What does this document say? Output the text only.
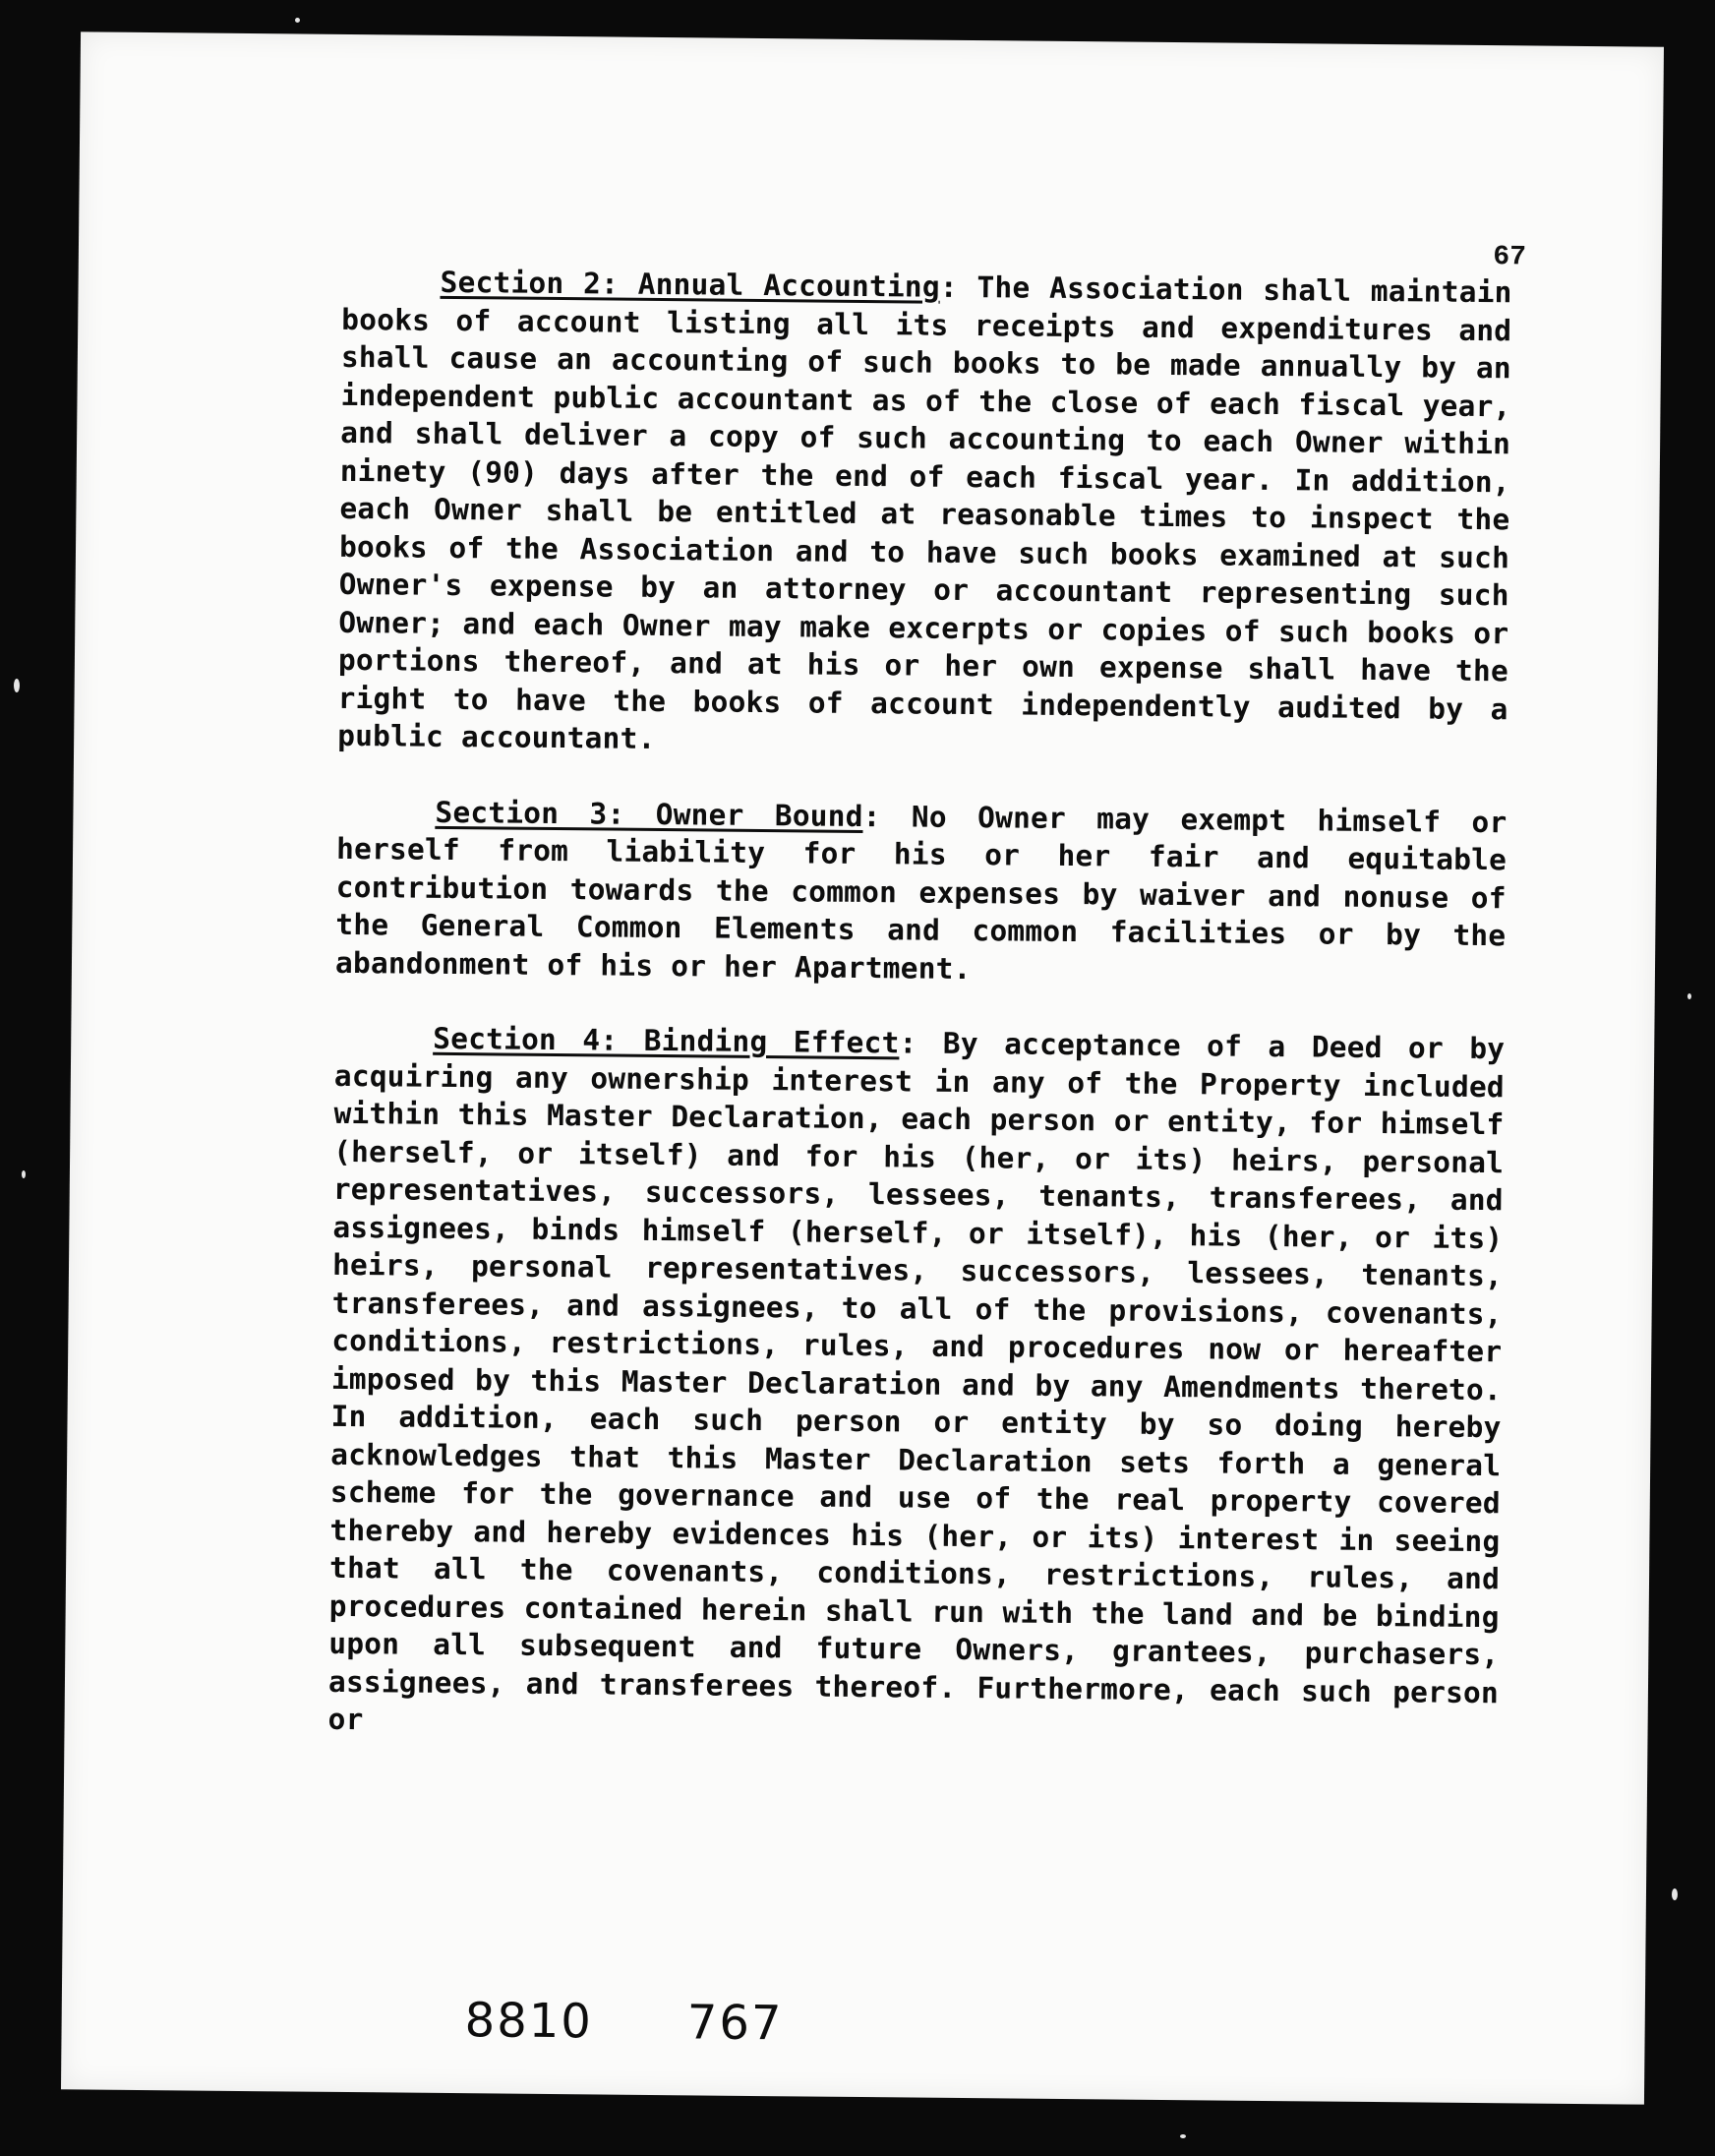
67

Section 2: Annual Accounting: The Association shall maintain books of account listing all its receipts and expenditures and shall cause an accounting of such books to be made annually by an independent public accountant as of the close of each fiscal year, and shall deliver a copy of such accounting to each Owner within ninety (90) days after the end of each fiscal year. In addition, each Owner shall be entitled at reasonable times to inspect the books of the Association and to have such books examined at such Owner's expense by an attorney or accountant representing such Owner; and each Owner may make excerpts or copies of such books or portions thereof, and at his or her own expense shall have the right to have the books of account independently audited by a public accountant.

Section 3: Owner Bound: No Owner may exempt himself or herself from liability for his or her fair and equitable contribution towards the common expenses by waiver and nonuse of the General Common Elements and common facilities or by the abandonment of his or her Apartment.

Section 4: Binding Effect: By acceptance of a Deed or by acquiring any ownership interest in any of the Property included within this Master Declaration, each person or entity, for himself (herself, or itself) and for his (her, or its) heirs, personal representatives, successors, lessees, tenants, transferees, and assignees, binds himself (herself, or itself), his (her, or its) heirs, personal representatives, successors, lessees, tenants, transferees, and assignees, to all of the provisions, covenants, conditions, restrictions, rules, and procedures now or hereafter imposed by this Master Declaration and by any Amendments thereto. In addition, each such person or entity by so doing hereby acknowledges that this Master Declaration sets forth a general scheme for the governance and use of the real property covered thereby and hereby evidences his (her, or its) interest in seeing that all the covenants, conditions, restrictions, rules, and procedures contained herein shall run with the land and be binding upon all subsequent and future Owners, grantees, purchasers, assignees, and transferees thereof. Furthermore, each such person or

8810 767
